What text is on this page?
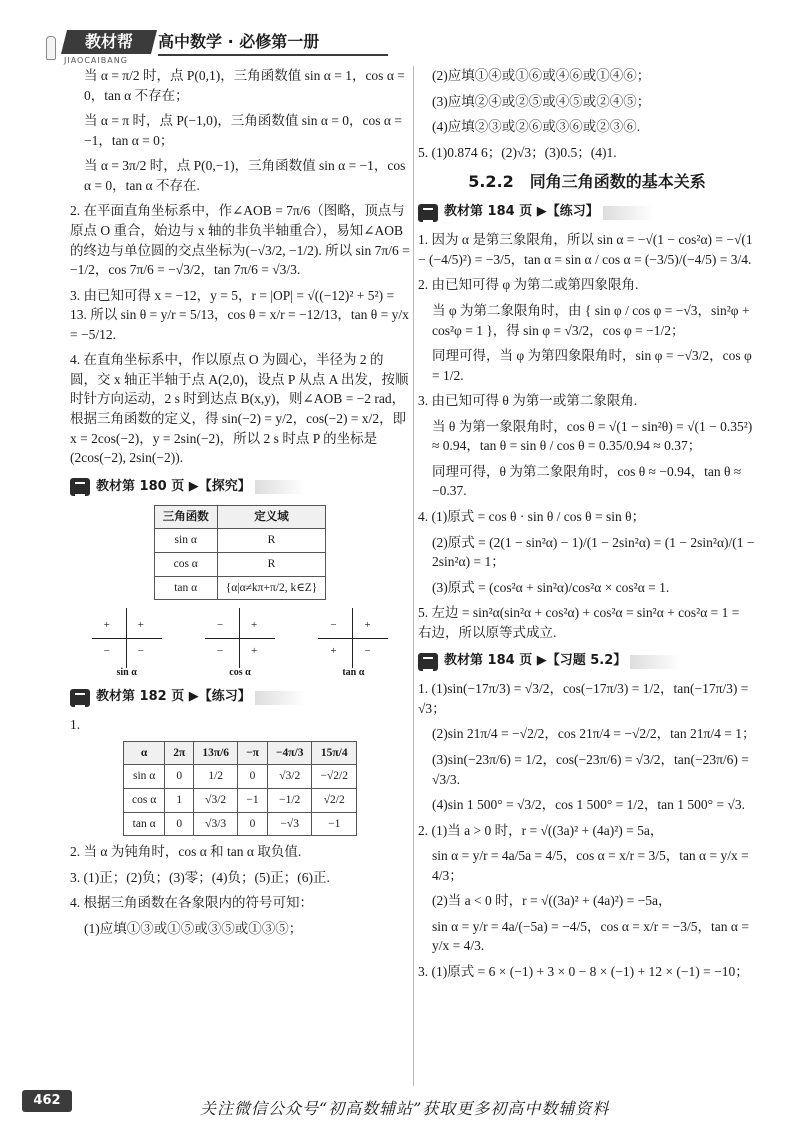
教材帮	高中数学 · 必修第一册
JIAOCAIBANG

当 α = π/2 时，点 P(0,1)，三角函数值 sin α = 1，cos α = 0，tan α 不存在；

当 α = π 时，点 P(−1,0)，三角函数值 sin α = 0，cos α = −1，tan α = 0；

当 α = 3π/2 时，点 P(0,−1)，三角函数值 sin α = −1，cos α = 0，tan α 不存在.

2. 在平面直角坐标系中，作∠AOB = 7π/6（图略，顶点与原点 O 重合，始边与 x 轴的非负半轴重合），易知∠AOB 的终边与单位圆的交点坐标为(−√3/2, −1/2). 所以 sin 7π/6 = −1/2，cos 7π/6 = −√3/2，tan 7π/6 = √3/3.

3. 由已知可得 x = −12，y = 5，r = |OP| = √((−12)² + 5²) = 13. 所以 sin θ = y/r = 5/13，cos θ = x/r = −12/13，tan θ = y/x = −5/12.

4. 在直角坐标系中，作以原点 O 为圆心，半径为 2 的圆，交 x 轴正半轴于点 A(2,0)，设点 P 从点 A 出发，按顺时针方向运动，2 s 时到达点 B(x,y)，则∠AOB = −2 rad，根据三角函数的定义，得 sin(−2) = y/2，cos(−2) = x/2，即 x = 2cos(−2)，y = 2sin(−2)，所以 2 s 时点 P 的坐标是(2cos(−2), 2sin(−2)).

教材第 180 页 ▶【探究】
三角函数	定义域
sin α	R
cos α	R
tan α	{α|α≠kπ+π/2, k∈Z}
+	+
−	−
sin α
−	+
−	+
cos α
−	+
+	−
tan α
教材第 182 页 ▶【练习】

1.

α	2π	13π/6	−π	−4π/3	15π/4
sin α	0	1/2	0	√3/2	−√2/2
cos α	1	√3/2	−1	−1/2	√2/2
tan α	0	√3/3	0	−√3	−1

2. 当 α 为钝角时，cos α 和 tan α 取负值.

3. (1)正；(2)负；(3)零；(4)负；(5)正；(6)正.

4. 根据三角函数在各象限内的符号可知：

(1)应填①③或①⑤或③⑤或①③⑤；

(2)应填①④或①⑥或④⑥或①④⑥；

(3)应填②④或②⑤或④⑤或②④⑤；

(4)应填②③或②⑥或③⑥或②③⑥.

5. (1)0.874 6；(2)√3；(3)0.5；(4)1.

5.2.2　同角三角函数的基本关系
教材第 184 页 ▶【练习】

1. 因为 α 是第三象限角，所以 sin α = −√(1 − cos²α) = −√(1 − (−4/5)²) = −3/5，tan α = sin α / cos α = (−3/5)/(−4/5) = 3/4.

2. 由已知可得 φ 为第二或第四象限角.

当 φ 为第二象限角时，由 { sin φ / cos φ = −√3，sin²φ + cos²φ = 1 }，得 sin φ = √3/2，cos φ = −1/2；

同理可得，当 φ 为第四象限角时，sin φ = −√3/2，cos φ = 1/2.

3. 由已知可得 θ 为第一或第二象限角.

当 θ 为第一象限角时，cos θ = √(1 − sin²θ) = √(1 − 0.35²) ≈ 0.94，tan θ = sin θ / cos θ = 0.35/0.94 ≈ 0.37；

同理可得，θ 为第二象限角时，cos θ ≈ −0.94，tan θ ≈ −0.37.

4. (1)原式 = cos θ · sin θ / cos θ = sin θ；

(2)原式 = (2(1 − sin²α) − 1)/(1 − 2sin²α) = (1 − 2sin²α)/(1 − 2sin²α) = 1；

(3)原式 = (cos²α + sin²α)/cos²α × cos²α = 1.

5. 左边 = sin²α(sin²α + cos²α) + cos²α = sin²α + cos²α = 1 = 右边，所以原等式成立.

教材第 184 页 ▶【习题 5.2】

1. (1)sin(−17π/3) = √3/2，cos(−17π/3) = 1/2，tan(−17π/3) = √3；

(2)sin 21π/4 = −√2/2，cos 21π/4 = −√2/2，tan 21π/4 = 1；

(3)sin(−23π/6) = 1/2，cos(−23π/6) = √3/2，tan(−23π/6) = √3/3.

(4)sin 1 500° = √3/2，cos 1 500° = 1/2，tan 1 500° = √3.

2. (1)当 a > 0 时，r = √((3a)² + (4a)²) = 5a，

sin α = y/r = 4a/5a = 4/5，cos α = x/r = 3/5，tan α = y/x = 4/3；

(2)当 a < 0 时，r = √((3a)² + (4a)²) = −5a，

sin α = y/r = 4a/(−5a) = −4/5，cos α = x/r = −3/5，tan α = y/x = 4/3.

3. (1)原式 = 6 × (−1) + 3 × 0 − 8 × (−1) + 12 × (−1) = −10；

462	关注微信公众号“初高数辅站”获取更多初高中数辅资料
